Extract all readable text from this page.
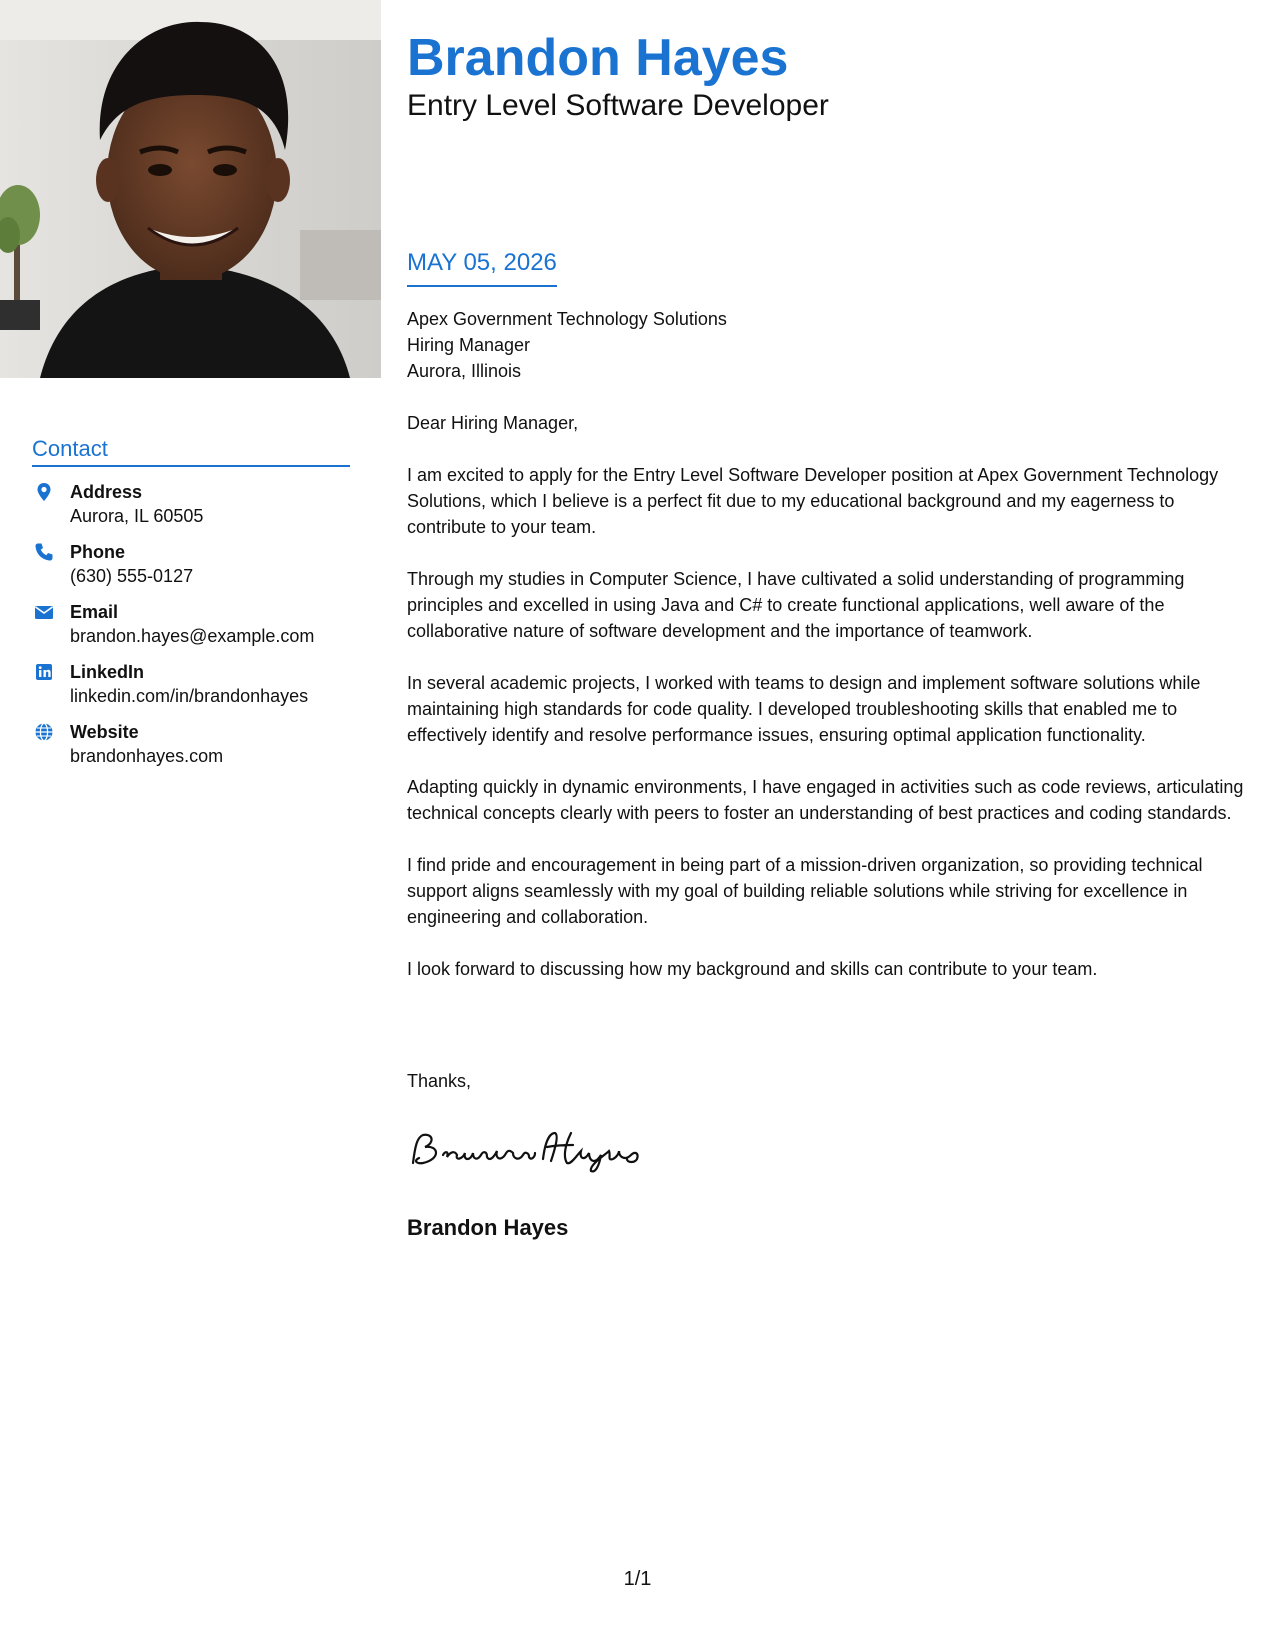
Contact
Address
Aurora, IL 60505
Phone
(630) 555-0127
Email
brandon.hayes@example.com
LinkedIn
linkedin.com/in/brandonhayes
Website
brandonhayes.com
Brandon Hayes
Entry Level Software Developer
MAY 05, 2026
Apex Government Technology Solutions
Hiring Manager
Aurora, Illinois

Dear Hiring Manager,

I am excited to apply for the Entry Level Software Developer position at Apex Government Technology Solutions, which I believe is a perfect fit due to my educational background and my eagerness to contribute to your team.

Through my studies in Computer Science, I have cultivated a solid understanding of programming principles and excelled in using Java and C# to create functional applications, well aware of the collaborative nature of software development and the importance of teamwork.

In several academic projects, I worked with teams to design and implement software solutions while maintaining high standards for code quality. I developed troubleshooting skills that enabled me to effectively identify and resolve performance issues, ensuring optimal application functionality.

Adapting quickly in dynamic environments, I have engaged in activities such as code reviews, articulating technical concepts clearly with peers to foster an understanding of best practices and coding standards.

I find pride and encouragement in being part of a mission-driven organization, so providing technical support aligns seamlessly with my goal of building reliable solutions while striving for excellence in engineering and collaboration.

I look forward to discussing how my background and skills can contribute to your team.

Thanks,
Brandon Hayes
1/1
